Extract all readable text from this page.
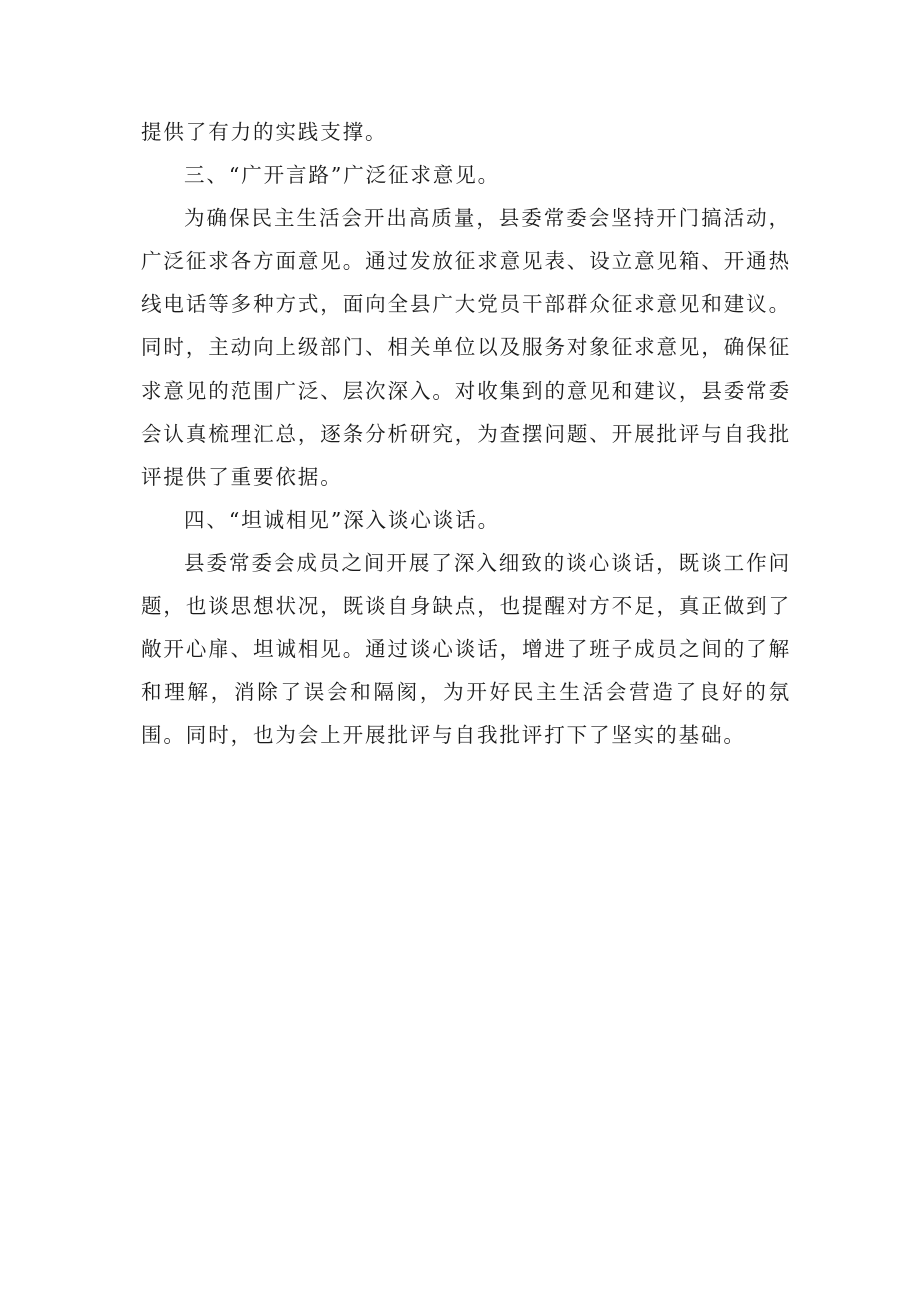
提供了有力的实践支撑。

三、“广开言路”广泛征求意见。

为确保民主生活会开出高质量，县委常委会坚持开门搞活动，广泛征求各方面意见。通过发放征求意见表、设立意见箱、开通热线电话等多种方式，面向全县广大党员干部群众征求意见和建议。同时，主动向上级部门、相关单位以及服务对象征求意见，确保征求意见的范围广泛、层次深入。对收集到的意见和建议，县委常委会认真梳理汇总，逐条分析研究，为查摆问题、开展批评与自我批评提供了重要依据。

四、“坦诚相见”深入谈心谈话。

县委常委会成员之间开展了深入细致的谈心谈话，既谈工作问题，也谈思想状况，既谈自身缺点，也提醒对方不足，真正做到了敞开心扉、坦诚相见。通过谈心谈话，增进了班子成员之间的了解和理解，消除了误会和隔阂，为开好民主生活会营造了良好的氛围。同时，也为会上开展批评与自我批评打下了坚实的基础。
